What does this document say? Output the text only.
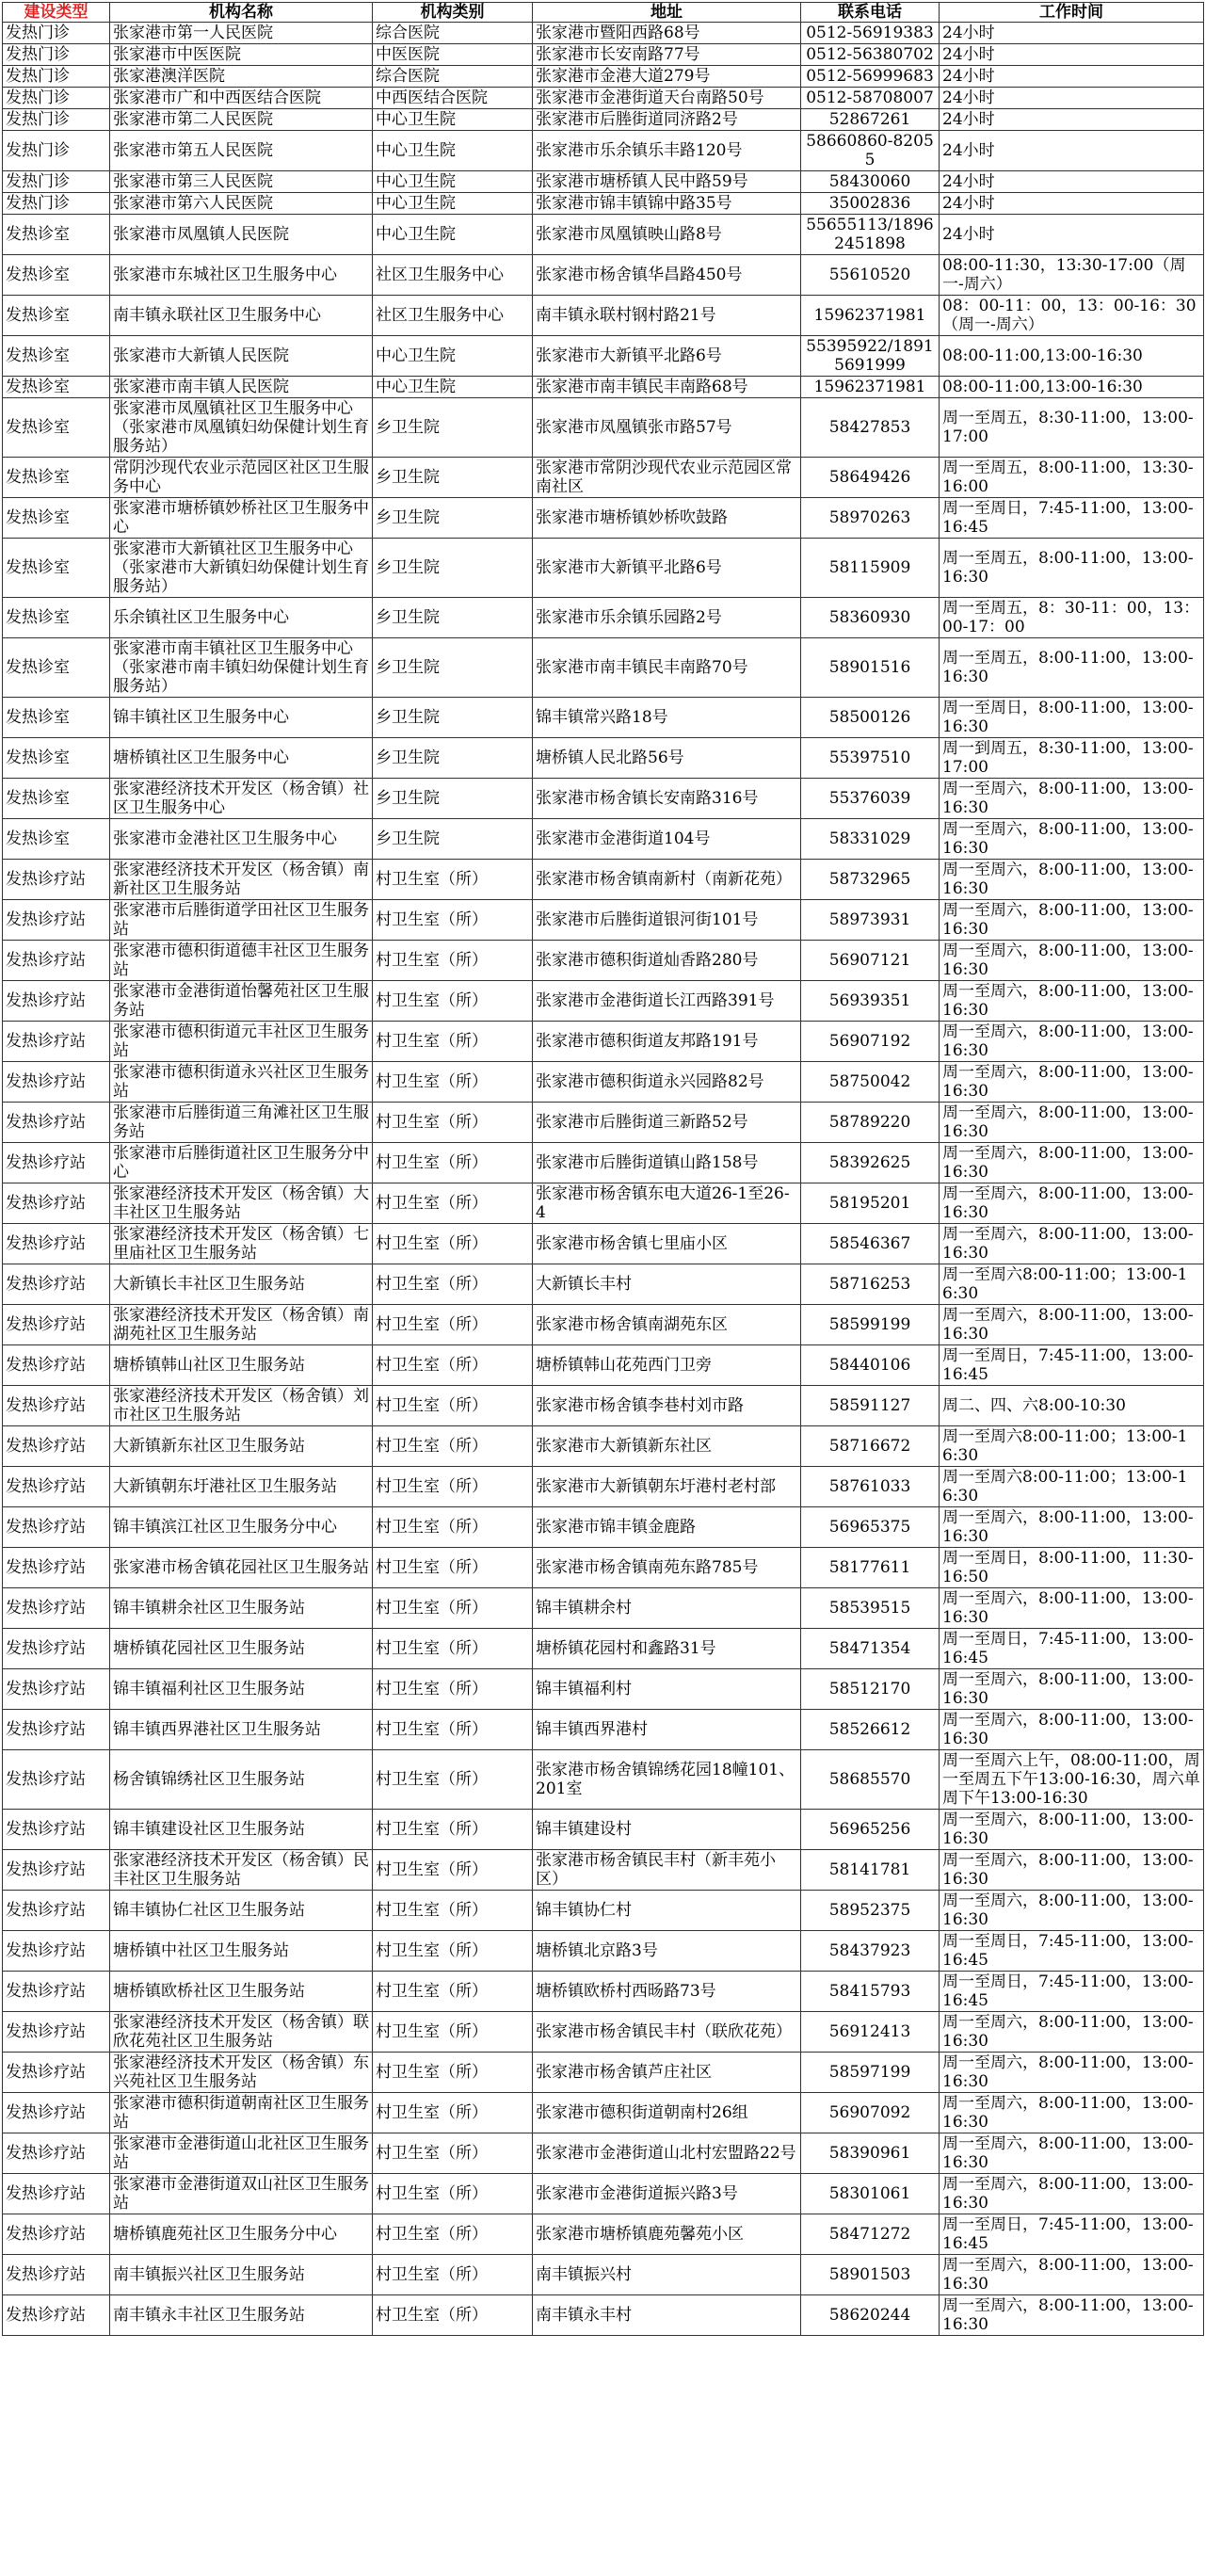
建设类型	机构名称	机构类别	地址	联系电话	工作时间
发热门诊	张家港市第一人民医院	综合医院	张家港市暨阳西路68号	0512-56919383	24小时
发热门诊	张家港市中医医院	中医医院	张家港市长安南路77号	0512-56380702	24小时
发热门诊	张家港澳洋医院	综合医院	张家港市金港大道279号	0512-56999683	24小时
发热门诊	张家港市广和中西医结合医院	中西医结合医院	张家港市金港街道天台南路50号	0512-58708007	24小时
发热门诊	张家港市第二人民医院	中心卫生院	张家港市后塍街道同济路2号	52867261	24小时
发热门诊	张家港市第五人民医院	中心卫生院	张家港市乐余镇乐丰路120号	58660860-82055	24小时
发热门诊	张家港市第三人民医院	中心卫生院	张家港市塘桥镇人民中路59号	58430060	24小时
发热门诊	张家港市第六人民医院	中心卫生院	张家港市锦丰镇锦中路35号	35002836	24小时
发热诊室	张家港市凤凰镇人民医院	中心卫生院	张家港市凤凰镇映山路8号	55655113/18962451898	24小时
发热诊室	张家港市东城社区卫生服务中心	社区卫生服务中心	张家港市杨舍镇华昌路450号	55610520	08:00-11:30，13:30-17:00（周一-周六）
发热诊室	南丰镇永联社区卫生服务中心	社区卫生服务中心	南丰镇永联村钢村路21号	15962371981	08：00-11：00，13：00-16：30（周一-周六）
发热诊室	张家港市大新镇人民医院	中心卫生院	张家港市大新镇平北路6号	55395922/18915691999	08:00-11:00,13:00-16:30
发热诊室	张家港市南丰镇人民医院	中心卫生院	张家港市南丰镇民丰南路68号	15962371981	08:00-11:00,13:00-16:30
发热诊室	张家港市凤凰镇社区卫生服务中心（张家港市凤凰镇妇幼保健计划生育服务站）	乡卫生院	张家港市凤凰镇张市路57号	58427853	周一至周五，8:30-11:00，13:00-17:00
发热诊室	常阴沙现代农业示范园区社区卫生服务中心	乡卫生院	张家港市常阴沙现代农业示范园区常南社区	58649426	周一至周五，8:00-11:00，13:30-16:00
发热诊室	张家港市塘桥镇妙桥社区卫生服务中心	乡卫生院	张家港市塘桥镇妙桥吹鼓路	58970263	周一至周日，7:45-11:00，13:00-16:45
发热诊室	张家港市大新镇社区卫生服务中心（张家港市大新镇妇幼保健计划生育服务站）	乡卫生院	张家港市大新镇平北路6号	58115909	周一至周五，8:00-11:00，13:00-16:30
发热诊室	乐余镇社区卫生服务中心	乡卫生院	张家港市乐余镇乐园路2号	58360930	周一至周五，8：30-11：00，13：00-17：00
发热诊室	张家港市南丰镇社区卫生服务中心（张家港市南丰镇妇幼保健计划生育服务站）	乡卫生院	张家港市南丰镇民丰南路70号	58901516	周一至周五，8:00-11:00，13:00-16:30
发热诊室	锦丰镇社区卫生服务中心	乡卫生院	锦丰镇常兴路18号	58500126	周一至周日，8:00-11:00，13:00-16:30
发热诊室	塘桥镇社区卫生服务中心	乡卫生院	塘桥镇人民北路56号	55397510	周一到周五，8:30-11:00，13:00-17:00
发热诊室	张家港经济技术开发区（杨舍镇）社区卫生服务中心	乡卫生院	张家港市杨舍镇长安南路316号	55376039	周一至周六，8:00-11:00，13:00-16:30
发热诊室	张家港市金港社区卫生服务中心	乡卫生院	张家港市金港街道104号	58331029	周一至周六，8:00-11:00，13:00-16:30
发热诊疗站	张家港经济技术开发区（杨舍镇）南新社区卫生服务站	村卫生室（所）	张家港市杨舍镇南新村（南新花苑）	58732965	周一至周六，8:00-11:00，13:00-16:30
发热诊疗站	张家港市后塍街道学田社区卫生服务站	村卫生室（所）	张家港市后塍街道银河街101号	58973931	周一至周六，8:00-11:00，13:00-16:30
发热诊疗站	张家港市德积街道德丰社区卫生服务站	村卫生室（所）	张家港市德积街道灿香路280号	56907121	周一至周六，8:00-11:00，13:00-16:30
发热诊疗站	张家港市金港街道怡馨苑社区卫生服务站	村卫生室（所）	张家港市金港街道长江西路391号	56939351	周一至周六，8:00-11:00，13:00-16:30
发热诊疗站	张家港市德积街道元丰社区卫生服务站	村卫生室（所）	张家港市德积街道友邦路191号	56907192	周一至周六，8:00-11:00，13:00-16:30
发热诊疗站	张家港市德积街道永兴社区卫生服务站	村卫生室（所）	张家港市德积街道永兴园路82号	58750042	周一至周六，8:00-11:00，13:00-16:30
发热诊疗站	张家港市后塍街道三角滩社区卫生服务站	村卫生室（所）	张家港市后塍街道三新路52号	58789220	周一至周六，8:00-11:00，13:00-16:30
发热诊疗站	张家港市后塍街道社区卫生服务分中心	村卫生室（所）	张家港市后塍街道镇山路158号	58392625	周一至周六，8:00-11:00，13:00-16:30
发热诊疗站	张家港经济技术开发区（杨舍镇）大丰社区卫生服务站	村卫生室（所）	张家港市杨舍镇东电大道26-1至26-4	58195201	周一至周六，8:00-11:00，13:00-16:30
发热诊疗站	张家港经济技术开发区（杨舍镇）七里庙社区卫生服务站	村卫生室（所）	张家港市杨舍镇七里庙小区	58546367	周一至周六，8:00-11:00，13:00-16:30
发热诊疗站	大新镇长丰社区卫生服务站	村卫生室（所）	大新镇长丰村	58716253	周一至周六8:00-11:00；13:00-16:30
发热诊疗站	张家港经济技术开发区（杨舍镇）南湖苑社区卫生服务站	村卫生室（所）	张家港市杨舍镇南湖苑东区	58599199	周一至周六，8:00-11:00，13:00-16:30
发热诊疗站	塘桥镇韩山社区卫生服务站	村卫生室（所）	塘桥镇韩山花苑西门卫旁	58440106	周一至周日，7:45-11:00，13:00-16:45
发热诊疗站	张家港经济技术开发区（杨舍镇）刘市社区卫生服务站	村卫生室（所）	张家港市杨舍镇李巷村刘市路	58591127	周二、四、六8:00-10:30
发热诊疗站	大新镇新东社区卫生服务站	村卫生室（所）	张家港市大新镇新东社区	58716672	周一至周六8:00-11:00；13:00-16:30
发热诊疗站	大新镇朝东圩港社区卫生服务站	村卫生室（所）	张家港市大新镇朝东圩港村老村部	58761033	周一至周六8:00-11:00；13:00-16:30
发热诊疗站	锦丰镇滨江社区卫生服务分中心	村卫生室（所）	张家港市锦丰镇金鹿路	56965375	周一至周六，8:00-11:00，13:00-16:30
发热诊疗站	张家港市杨舍镇花园社区卫生服务站	村卫生室（所）	张家港市杨舍镇南苑东路785号	58177611	周一至周日，8:00-11:00，11:30-16:50
发热诊疗站	锦丰镇耕余社区卫生服务站	村卫生室（所）	锦丰镇耕余村	58539515	周一至周六，8:00-11:00，13:00-16:30
发热诊疗站	塘桥镇花园社区卫生服务站	村卫生室（所）	塘桥镇花园村和鑫路31号	58471354	周一至周日，7:45-11:00，13:00-16:45
发热诊疗站	锦丰镇福利社区卫生服务站	村卫生室（所）	锦丰镇福利村	58512170	周一至周六，8:00-11:00，13:00-16:30
发热诊疗站	锦丰镇西界港社区卫生服务站	村卫生室（所）	锦丰镇西界港村	58526612	周一至周六，8:00-11:00，13:00-16:30
发热诊疗站	杨舍镇锦绣社区卫生服务站	村卫生室（所）	张家港市杨舍镇锦绣花园18幢101、201室	58685570	周一至周六上午，08:00-11:00，周一至周五下午13:00-16:30，周六单周下午13:00-16:30
发热诊疗站	锦丰镇建设社区卫生服务站	村卫生室（所）	锦丰镇建设村	56965256	周一至周六，8:00-11:00，13:00-16:30
发热诊疗站	张家港经济技术开发区（杨舍镇）民丰社区卫生服务站	村卫生室（所）	张家港市杨舍镇民丰村（新丰苑小区）	58141781	周一至周六，8:00-11:00，13:00-16:30
发热诊疗站	锦丰镇协仁社区卫生服务站	村卫生室（所）	锦丰镇协仁村	58952375	周一至周六，8:00-11:00，13:00-16:30
发热诊疗站	塘桥镇中社区卫生服务站	村卫生室（所）	塘桥镇北京路3号	58437923	周一至周日，7:45-11:00，13:00-16:45
发热诊疗站	塘桥镇欧桥社区卫生服务站	村卫生室（所）	塘桥镇欧桥村西旸路73号	58415793	周一至周日，7:45-11:00，13:00-16:45
发热诊疗站	张家港经济技术开发区（杨舍镇）联欣花苑社区卫生服务站	村卫生室（所）	张家港市杨舍镇民丰村（联欣花苑）	56912413	周一至周六，8:00-11:00，13:00-16:30
发热诊疗站	张家港经济技术开发区（杨舍镇）东兴苑社区卫生服务站	村卫生室（所）	张家港市杨舍镇芦庄社区	58597199	周一至周六，8:00-11:00，13:00-16:30
发热诊疗站	张家港市德积街道朝南社区卫生服务站	村卫生室（所）	张家港市德积街道朝南村26组	56907092	周一至周六，8:00-11:00，13:00-16:30
发热诊疗站	张家港市金港街道山北社区卫生服务站	村卫生室（所）	张家港市金港街道山北村宏盟路22号	58390961	周一至周六，8:00-11:00，13:00-16:30
发热诊疗站	张家港市金港街道双山社区卫生服务站	村卫生室（所）	张家港市金港街道振兴路3号	58301061	周一至周六，8:00-11:00，13:00-16:30
发热诊疗站	塘桥镇鹿苑社区卫生服务分中心	村卫生室（所）	张家港市塘桥镇鹿苑馨苑小区	58471272	周一至周日，7:45-11:00，13:00-16:45
发热诊疗站	南丰镇振兴社区卫生服务站	村卫生室（所）	南丰镇振兴村	58901503	周一至周六，8:00-11:00，13:00-16:30
发热诊疗站	南丰镇永丰社区卫生服务站	村卫生室（所）	南丰镇永丰村	58620244	周一至周六，8:00-11:00，13:00-16:30
